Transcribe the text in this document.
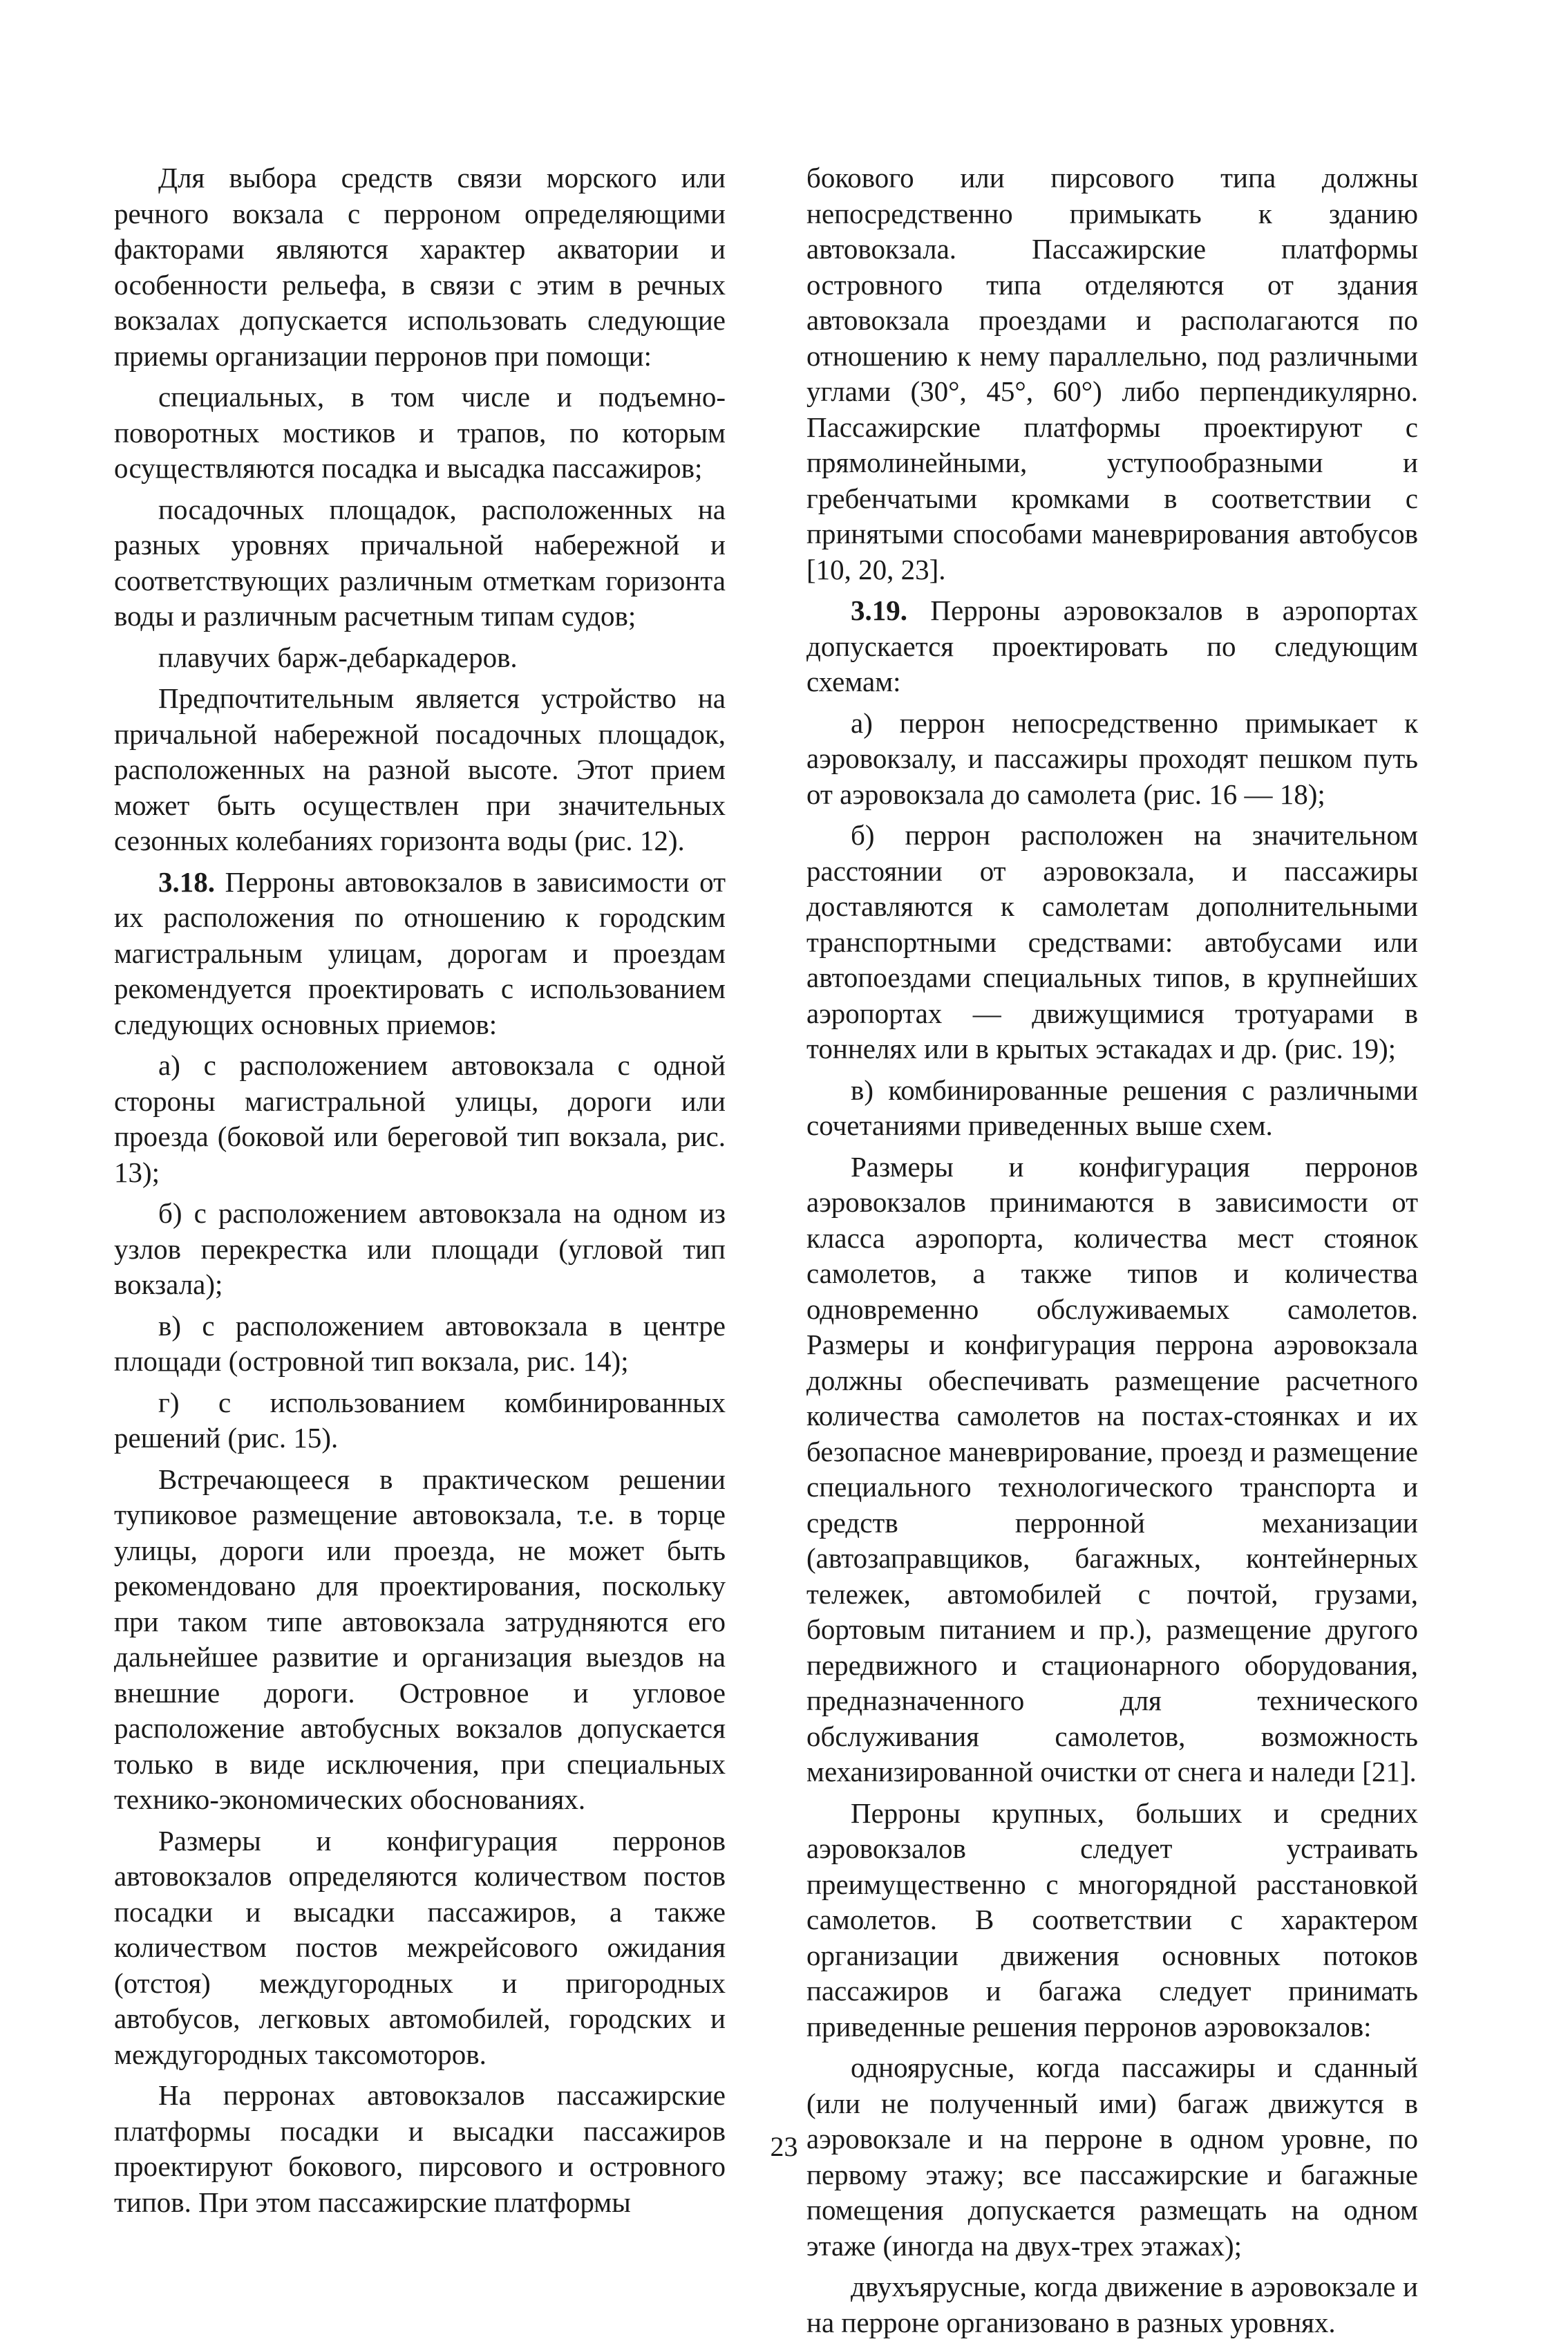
Для выбора средств связи морского или речного вокзала с перроном определяющими факторами являются характер акватории и особенности рельефа, в связи с этим в речных вокзалах допускается использовать следующие приемы организации перронов при помощи:

специальных, в том числе и подъемно-поворотных мостиков и трапов, по которым осуществляются посадка и высадка пассажиров;

посадочных площадок, расположенных на разных уровнях причальной набережной и соответствующих различным отметкам горизонта воды и различным расчетным типам судов;

плавучих барж-дебаркадеров.

Предпочтительным является устройство на причальной набережной посадочных площадок, расположенных на разной высоте. Этот прием может быть осуществлен при значительных сезонных колебаниях горизонта воды (рис. 12).

3.18. Перроны автовокзалов в зависимости от их расположения по отношению к городским магистральным улицам, дорогам и проездам рекомендуется проектировать с использованием следующих основных приемов:

а) с расположением автовокзала с одной стороны магистральной улицы, дороги или проезда (боковой или береговой тип вокзала, рис. 13);

б) с расположением автовокзала на одном из узлов перекрестка или площади (угловой тип вокзала);

в) с расположением автовокзала в центре площади (островной тип вокзала, рис. 14);

г) с использованием комбинированных решений (рис. 15).

Встречающееся в практическом решении тупиковое размещение автовокзала, т.е. в торце улицы, дороги или проезда, не может быть рекомендовано для проектирования, поскольку при таком типе автовокзала затрудняются его дальнейшее развитие и организация выездов на внешние дороги. Островное и угловое расположение автобусных вокзалов допускается только в виде исключения, при специальных технико-экономических обоснованиях.

Размеры и конфигурация перронов автовокзалов определяются количеством постов посадки и высадки пассажиров, а также количеством постов межрейсового ожидания (отстоя) междугородных и пригородных автобусов, легковых автомобилей, городских и междугородных таксомоторов.

На перронах автовокзалов пассажирские платформы посадки и высадки пассажиров проектируют бокового, пирсового и островного типов. При этом пассажирские платформы

бокового или пирсового типа должны непосредственно примыкать к зданию автовокзала. Пассажирские платформы островного типа отделяются от здания автовокзала проездами и располагаются по отношению к нему параллельно, под различными углами (30°, 45°, 60°) либо перпендикулярно. Пассажирские платформы проектируют с прямолинейными, уступообразными и гребенчатыми кромками в соответствии с принятыми способами маневрирования автобусов [10, 20, 23].

3.19. Перроны аэровокзалов в аэропортах допускается проектировать по следующим схемам:

а) перрон непосредственно примыкает к аэровокзалу, и пассажиры проходят пешком путь от аэровокзала до самолета (рис. 16 — 18);

б) перрон расположен на значительном расстоянии от аэровокзала, и пассажиры доставляются к самолетам дополнительными транспортными средствами: автобусами или автопоездами специальных типов, в крупнейших аэропортах — движущимися тротуарами в тоннелях или в крытых эстакадах и др. (рис. 19);

в) комбинированные решения с различными сочетаниями приведенных выше схем.

Размеры и конфигурация перронов аэровокзалов принимаются в зависимости от класса аэропорта, количества мест стоянок самолетов, а также типов и количества одновременно обслуживаемых самолетов. Размеры и конфигурация перрона аэровокзала должны обеспечивать размещение расчетного количества самолетов на постах-стоянках и их безопасное маневрирование, проезд и размещение специального технологического транспорта и средств перронной механизации (автозаправщиков, багажных, контейнерных тележек, автомобилей с почтой, грузами, бортовым питанием и пр.), размещение другого передвижного и стационарного оборудования, предназначенного для технического обслуживания самолетов, возможность механизированной очистки от снега и наледи [21].

Перроны крупных, больших и средних аэровокзалов следует устраивать преимущественно с многорядной расстановкой самолетов. В соответствии с характером организации движения основных потоков пассажиров и багажа следует принимать приведенные решения перронов аэровокзалов:

одноярусные, когда пассажиры и сданный (или не полученный ими) багаж движутся в аэровокзале и на перроне в одном уровне, по первому этажу; все пассажирские и багажные помещения допускается размещать на одном этаже (иногда на двух-трех этажах);

двухъярусные, когда движение в аэровокзале и на перроне организовано в разных уровнях.

23
